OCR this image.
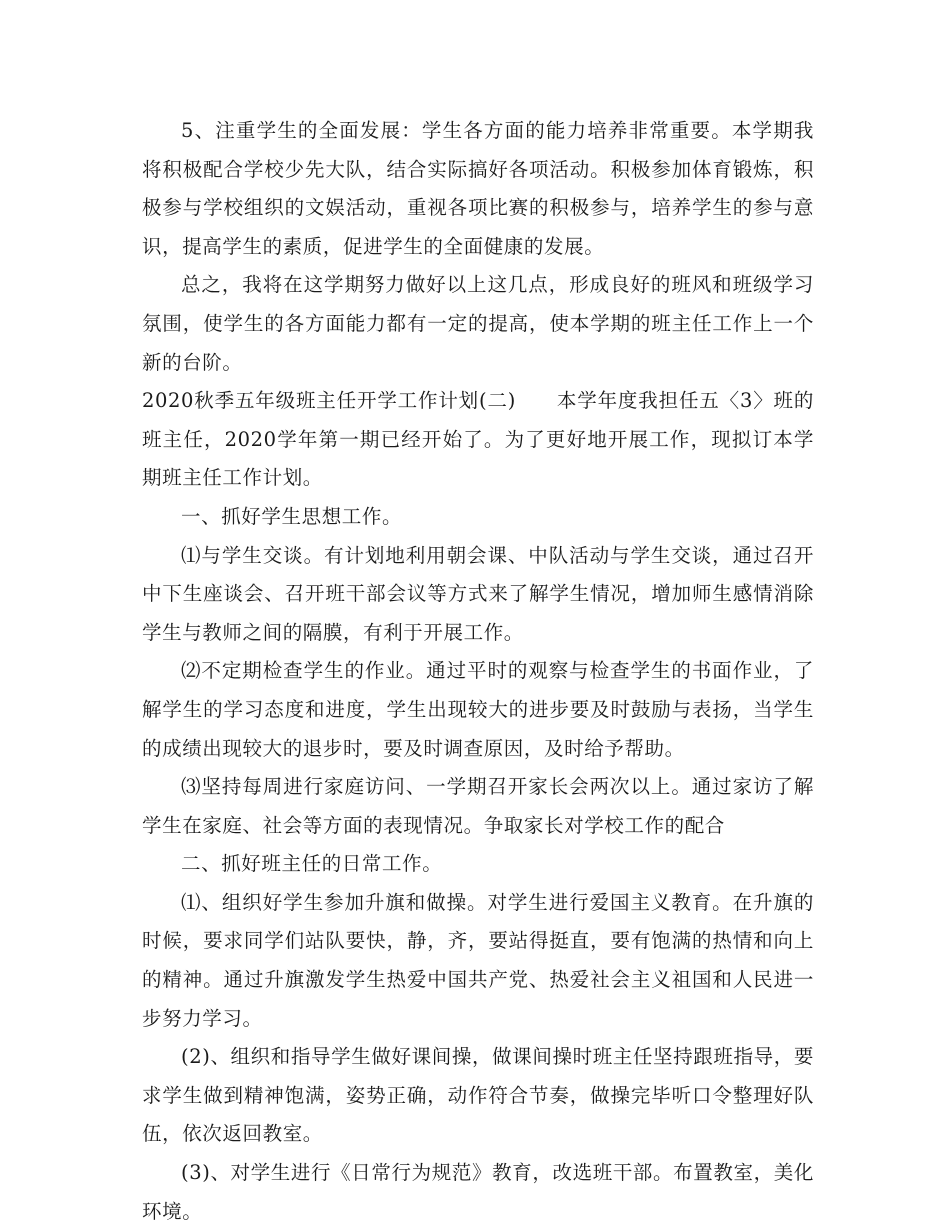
5、注重学生的全面发展：学生各方面的能力培养非常重要。本学期我将积极配合学校少先大队，结合实际搞好各项活动。积极参加体育锻炼，积极参与学校组织的文娱活动，重视各项比赛的积极参与，培养学生的参与意识，提高学生的素质，促进学生的全面健康的发展。

总之，我将在这学期努力做好以上这几点，形成良好的班风和班级学习氛围，使学生的各方面能力都有一定的提高，使本学期的班主任工作上一个新的台阶。

2020秋季五年级班主任开学工作计划(二)　　本学年度我担任五〈3〉班的班主任，2020学年第一期已经开始了。为了更好地开展工作，现拟订本学期班主任工作计划。

一、抓好学生思想工作。

⑴与学生交谈。有计划地利用朝会课、中队活动与学生交谈，通过召开中下生座谈会、召开班干部会议等方式来了解学生情况，增加师生感情消除学生与教师之间的隔膜，有利于开展工作。

⑵不定期检查学生的作业。通过平时的观察与检查学生的书面作业，了解学生的学习态度和进度，学生出现较大的进步要及时鼓励与表扬，当学生的成绩出现较大的退步时，要及时调查原因，及时给予帮助。

⑶坚持每周进行家庭访问、一学期召开家长会两次以上。通过家访了解学生在家庭、社会等方面的表现情况。争取家长对学校工作的配合

二、抓好班主任的日常工作。

⑴、组织好学生参加升旗和做操。对学生进行爱国主义教育。在升旗的时候，要求同学们站队要快，静，齐，要站得挺直，要有饱满的热情和向上的精神。通过升旗激发学生热爱中国共产党、热爱社会主义祖国和人民进一步努力学习。

(2)、组织和指导学生做好课间操，做课间操时班主任坚持跟班指导，要求学生做到精神饱满，姿势正确，动作符合节奏，做操完毕听口令整理好队伍，依次返回教室。

(3)、对学生进行《日常行为规范》教育，改选班干部。布置教室，美化环境。
